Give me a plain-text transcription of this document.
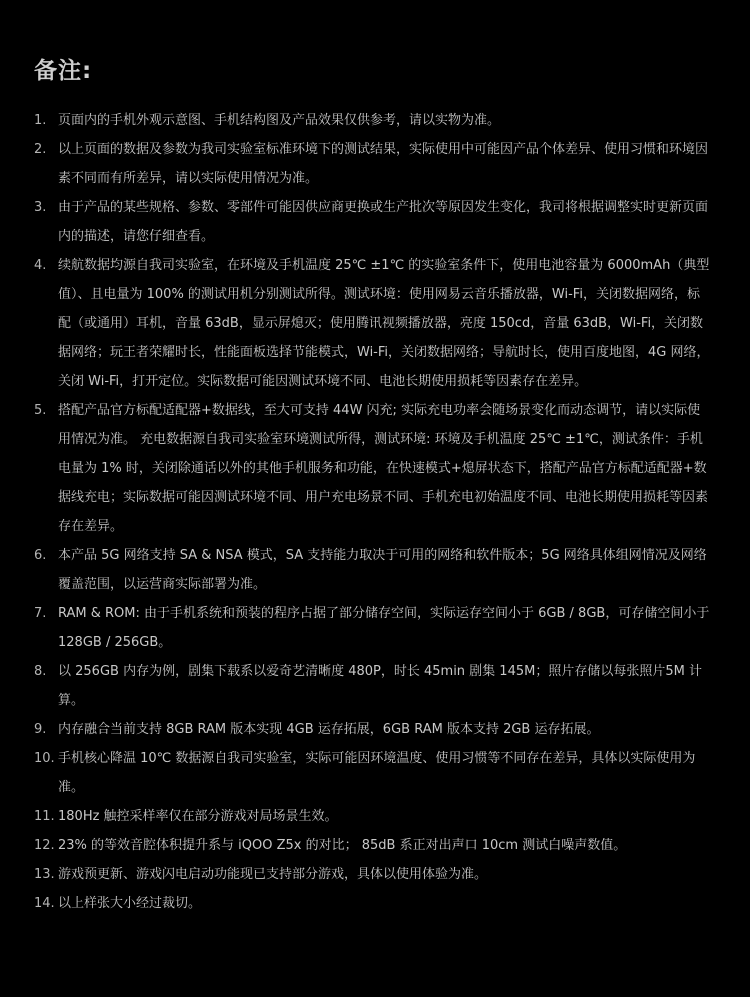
备注:
1. 页面内的手机外观示意图、手机结构图及产品效果仅供参考，请以实物为准。
2. 以上页面的数据及参数为我司实验室标准环境下的测试结果，实际使用中可能因产品个体差异、使用习惯和环境因素不同而有所差异，请以实际使用情况为准。
3. 由于产品的某些规格、参数、零部件可能因供应商更换或生产批次等原因发生变化，我司将根据调整实时更新页面内的描述，请您仔细查看。
4. 续航数据均源自我司实验室，在环境及手机温度 25℃ ±1℃ 的实验室条件下，使用电池容量为 6000mAh（典型值）、且电量为 100% 的测试用机分别测试所得。测试环境：使用网易云音乐播放器，Wi-Fi，关闭数据网络，标配（或通用）耳机，音量 63dB，显示屏熄灭；使用腾讯视频播放器，亮度 150cd，音量 63dB，Wi-Fi，关闭数据网络；玩王者荣耀时长，性能面板选择节能模式，Wi-Fi，关闭数据网络；导航时长，使用百度地图，4G 网络，关闭 Wi-Fi，打开定位。实际数据可能因测试环境不同、电池长期使用损耗等因素存在差异。
5. 搭配产品官方标配适配器+数据线，至大可支持 44W 闪充; 实际充电功率会随场景变化而动态调节，请以实际使用情况为准。 充电数据源自我司实验室环境测试所得，测试环境: 环境及手机温度 25℃ ±1℃，测试条件：手机电量为 1% 时，关闭除通话以外的其他手机服务和功能，在快速模式+熄屏状态下，搭配产品官方标配适配器+数据线充电；实际数据可能因测试环境不同、用户充电场景不同、手机充电初始温度不同、电池长期使用损耗等因素存在差异。
6. 本产品 5G 网络支持 SA & NSA 模式，SA 支持能力取决于可用的网络和软件版本；5G 网络具体组网情况及网络覆盖范围，以运营商实际部署为准。
7. RAM & ROM: 由于手机系统和预装的程序占据了部分储存空间，实际运存空间小于 6GB / 8GB，可存储空间小于 128GB / 256GB。
8. 以 256GB 内存为例，剧集下载系以爱奇艺清晰度 480P，时长 45min 剧集 145M；照片存储以每张照片5M 计算。
9. 内存融合当前支持 8GB RAM 版本实现 4GB 运存拓展，6GB RAM 版本支持 2GB 运存拓展。
10. 手机核心降温 10℃ 数据源自我司实验室，实际可能因环境温度、使用习惯等不同存在差异，具体以实际使用为准。
11. 180Hz 触控采样率仅在部分游戏对局场景生效。
12. 23% 的等效音腔体积提升系与 iQOO Z5x 的对比； 85dB 系正对出声口 10cm 测试白噪声数值。
13. 游戏预更新、游戏闪电启动功能现已支持部分游戏，具体以使用体验为准。
14. 以上样张大小经过裁切。
